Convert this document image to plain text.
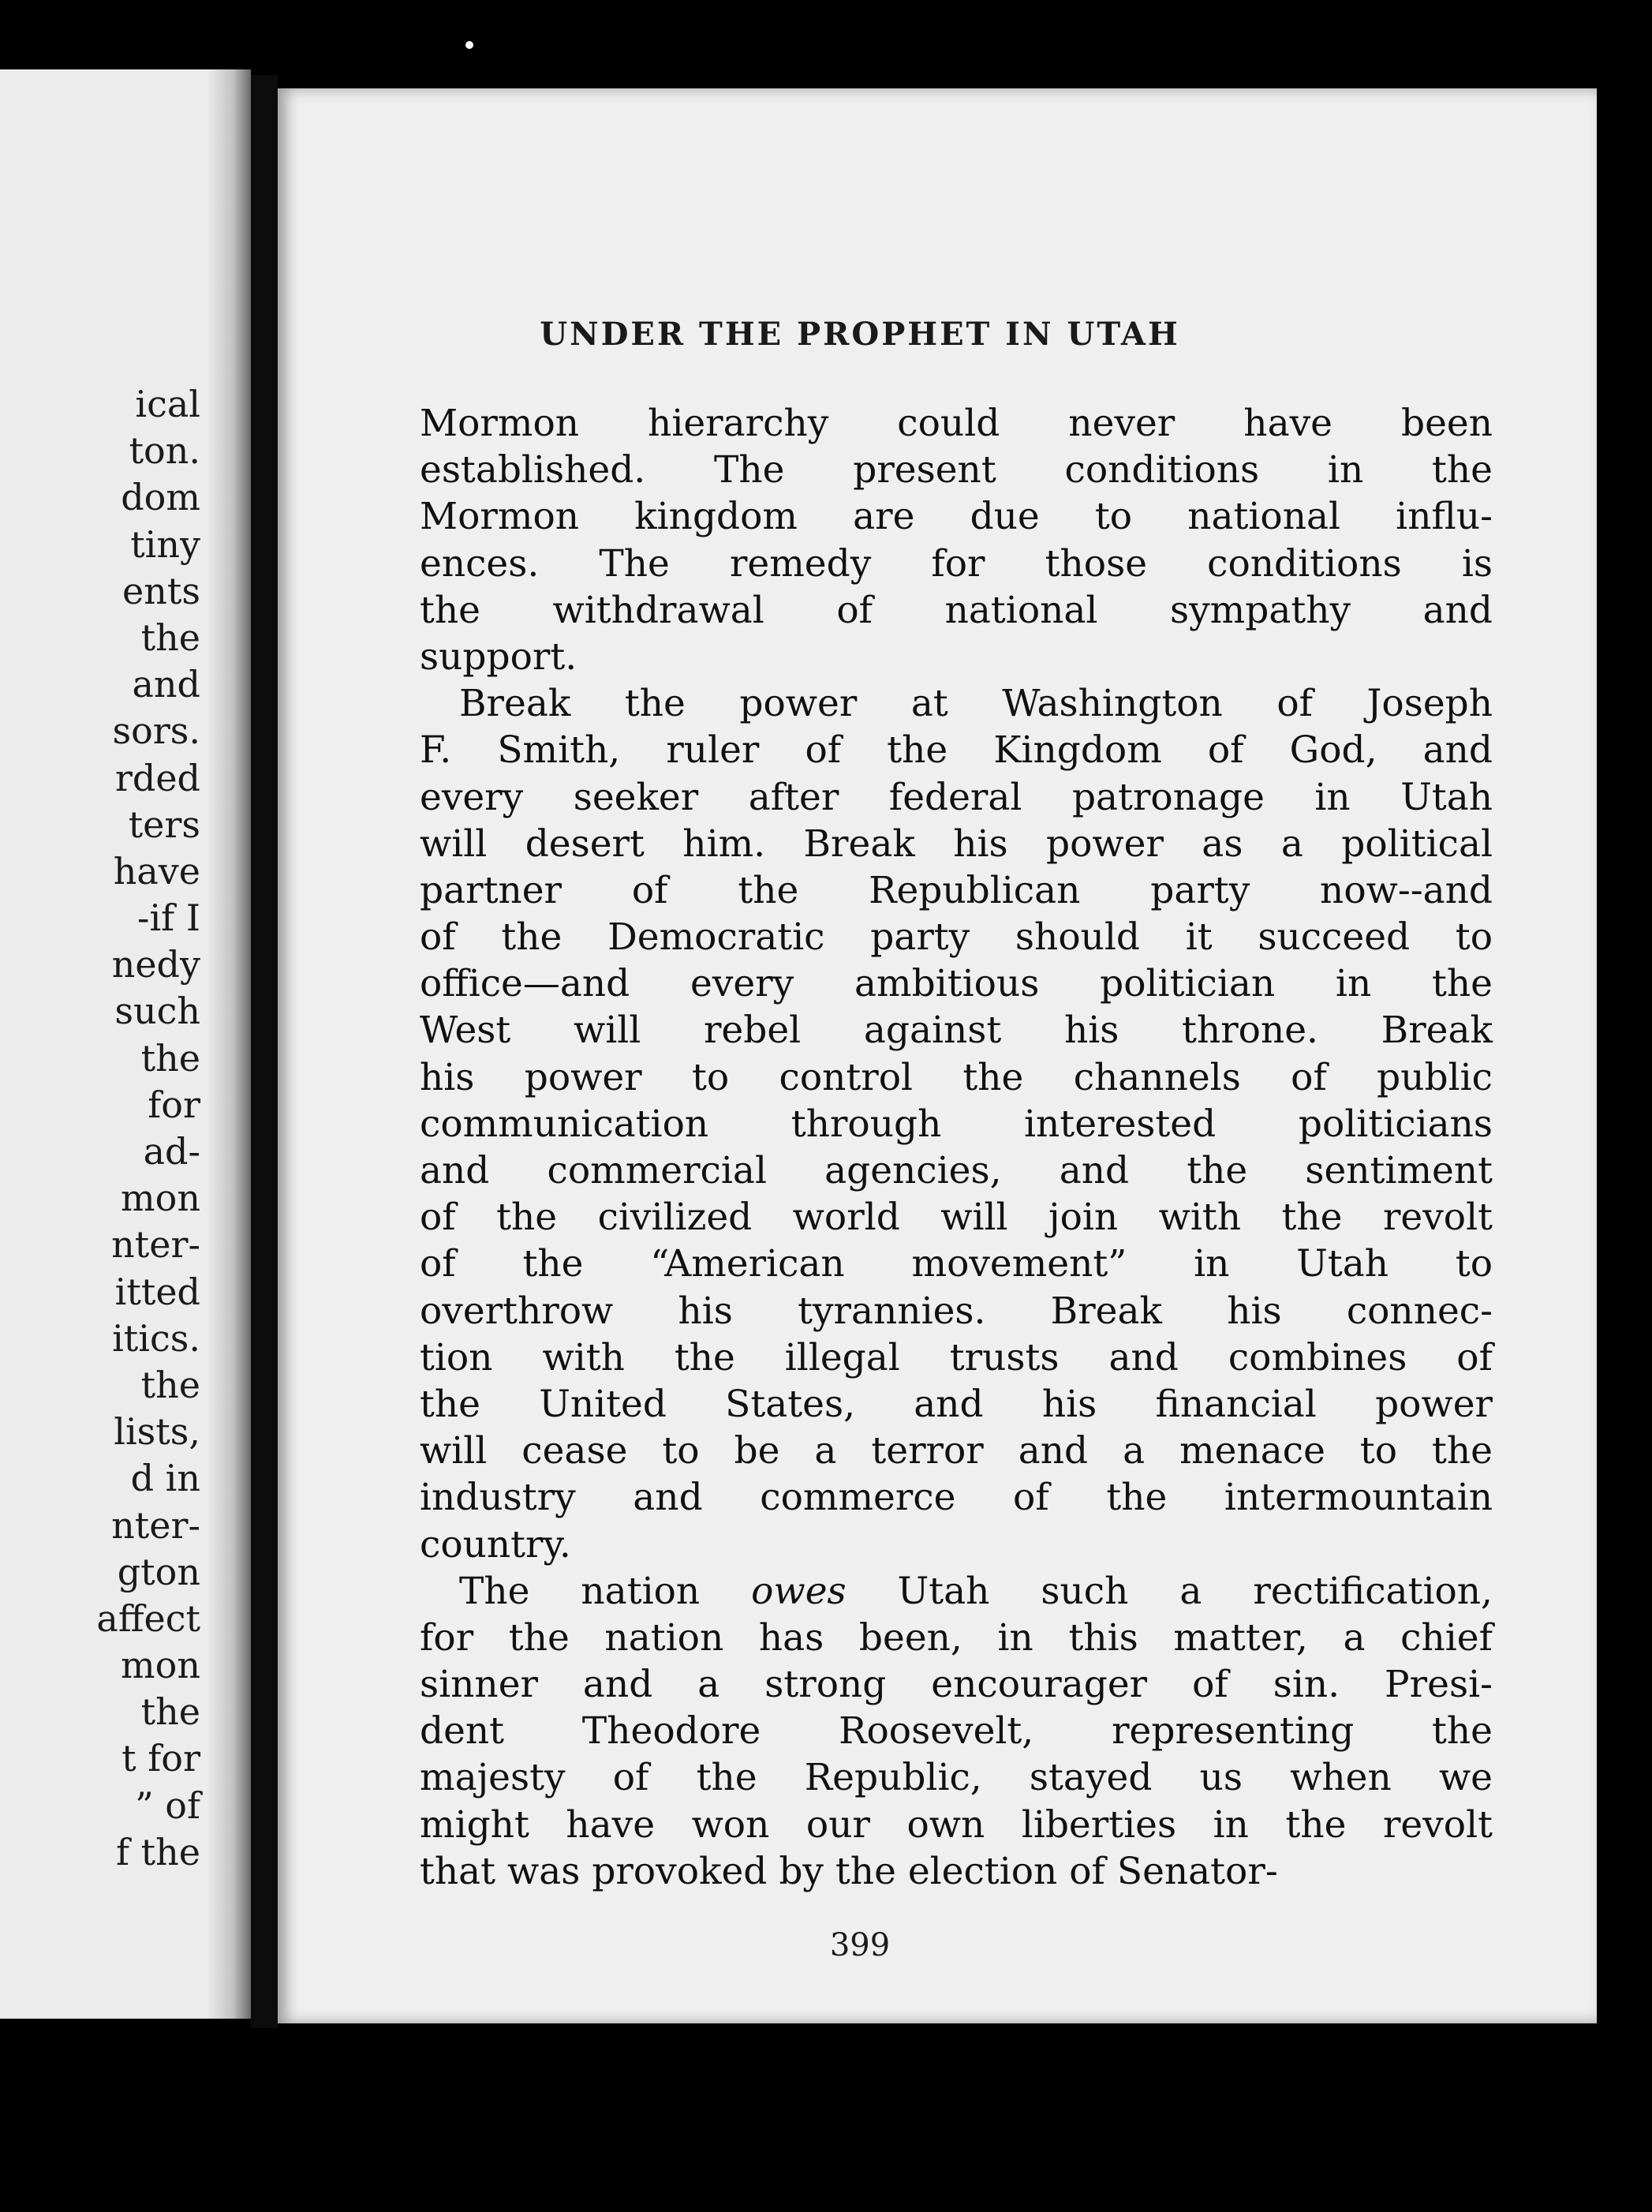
ical
ton.
dom
tiny
ents
the
and
sors.
rded
ters
have
-if I
nedy
such
the
for
ad-
mon
nter-
itted
itics.
the
lists,
d in
nter-
gton
affect
mon
the
t for
” of
f the
UNDER THE PROPHET IN UTAH
Mormon hierarchy could never have been
established. The present conditions in the
Mormon kingdom are due to national influ-
ences. The remedy for those conditions is
the withdrawal of national sympathy and
support.
Break the power at Washington of Joseph
F. Smith, ruler of the Kingdom of God, and
every seeker after federal patronage in Utah
will desert him. Break his power as a political
partner of the Republican party now--and
of the Democratic party should it succeed to
office—and every ambitious politician in the
West will rebel against his throne. Break
his power to control the channels of public
communication through interested politicians
and commercial agencies, and the sentiment
of the civilized world will join with the revolt
of the “American movement” in Utah to
overthrow his tyrannies. Break his connec-
tion with the illegal trusts and combines of
the United States, and his financial power
will cease to be a terror and a menace to the
industry and commerce of the intermountain
country.
The nation owes Utah such a rectification,
for the nation has been, in this matter, a chief
sinner and a strong encourager of sin. Presi-
dent Theodore Roosevelt, representing the
majesty of the Republic, stayed us when we
might have won our own liberties in the revolt
that was provoked by the election of Senator-
399
